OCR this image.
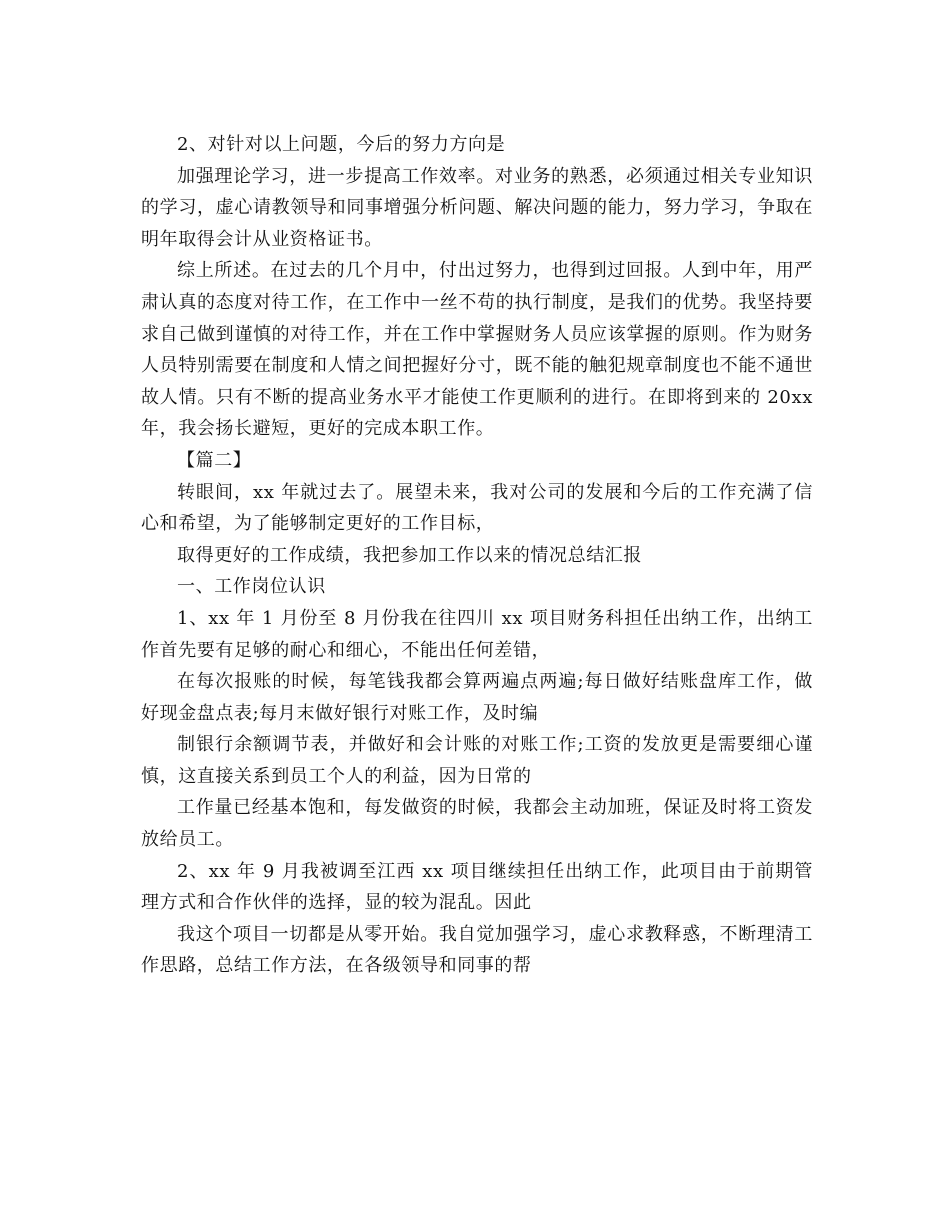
2、对针对以上问题，今后的努力方向是

加强理论学习，进一步提高工作效率。对业务的熟悉，必须通过相关专业知识的学习，虚心请教领导和同事增强分析问题、解决问题的能力，努力学习，争取在明年取得会计从业资格证书。

综上所述。在过去的几个月中，付出过努力，也得到过回报。人到中年，用严肃认真的态度对待工作，在工作中一丝不苟的执行制度，是我们的优势。我坚持要求自己做到谨慎的对待工作，并在工作中掌握财务人员应该掌握的原则。作为财务人员特别需要在制度和人情之间把握好分寸，既不能的触犯规章制度也不能不通世故人情。只有不断的提高业务水平才能使工作更顺利的进行。在即将到来的 20xx 年，我会扬长避短，更好的完成本职工作。

【篇二】

转眼间，xx 年就过去了。展望未来，我对公司的发展和今后的工作充满了信心和希望，为了能够制定更好的工作目标，

取得更好的工作成绩，我把参加工作以来的情况总结汇报

一、工作岗位认识

1、xx 年 1 月份至 8 月份我在往四川 xx 项目财务科担任出纳工作，出纳工作首先要有足够的耐心和细心，不能出任何差错，

在每次报账的时候，每笔钱我都会算两遍点两遍;每日做好结账盘库工作，做好现金盘点表;每月末做好银行对账工作，及时编

制银行余额调节表，并做好和会计账的对账工作;工资的发放更是需要细心谨慎，这直接关系到员工个人的利益，因为日常的

工作量已经基本饱和，每发做资的时候，我都会主动加班，保证及时将工资发放给员工。

2、xx 年 9 月我被调至江西 xx 项目继续担任出纳工作，此项目由于前期管理方式和合作伙伴的选择，显的较为混乱。因此

我这个项目一切都是从零开始。我自觉加强学习，虚心求教释惑，不断理清工作思路，总结工作方法，在各级领导和同事的帮
